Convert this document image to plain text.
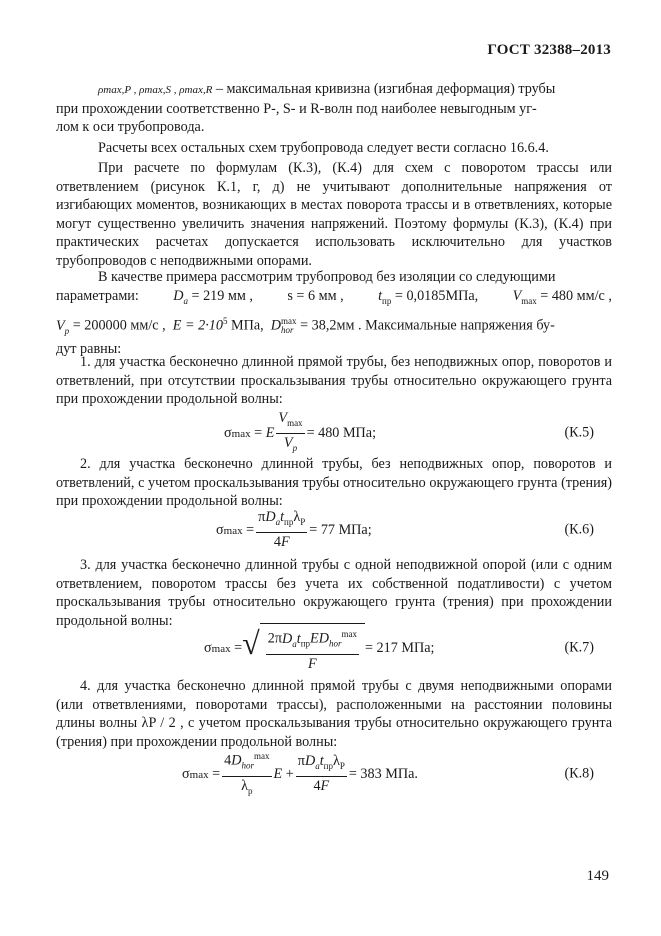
ГОСТ 32388–2013

ρmax,P , ρmax,S , ρmax,R – максимальная кривизна (изгибная деформация) трубы

при прохождении соответственно Р-, S- и R-волн под наиболее невыгодным уг-

лом к оси трубопровода.

Расчеты всех остальных схем трубопровода следует вести согласно 16.6.4.
При расчете по формулам (К.3), (К.4) для схем с поворотом трассы или ответвлением (рисунок К.1, г, д) не учитывают дополнительные напряжения от изгибающих моментов, возникающих в местах поворота трассы и в ответвлениях, которые могут существенно увеличить значения напряжений. Поэтому формулы (К.3), (К.4) при практических расчетах допускается использовать исключительно для участков трубопроводов с неподвижными опорами.

В качестве примера рассмотрим трубопровод без изоляции со следующими

параметрами: $D_a = 219$ мм , s = 6 мм , $t_{пр} = 0,0185МПа$, $V_{max} = 480$ мм/с ,

$V_p = 200000$ мм/с , $E = 2\cdot 10^5$ МПа, D max
hor = 38,2мм . Максимальные напряжения бу-

дут равны:

1. для участка бесконечно длинной прямой трубы, без неподвижных опор, поворотов и ответвлений, при отсутствии проскальзывания трубы относительно окружающего грунта при прохождении продольной волны:
σmax = E $\frac{V_{max}}{V_p} = 480$ МПа;	(К.5)
2. для участка бесконечно длинной трубы, без неподвижных опор, поворотов и ответвлений, с учетом проскальзывания трубы относительно окружающего грунта (трения) при прохождении продольной волны:
$\sigma\max = \frac{\pi D_at_{пр}\lambda_P}{4F} = 77$ МПа;	(К.6)
3. для участка бесконечно длинной трубы с одной неподвижной опорой (или с одним ответвлением, поворотом трассы без учета их собственной податливости) с учетом проскальзывания трубы относительно окружающего грунта (трения) при прохождении продольной волны:
σmax = √ $\frac{2\pi D_at_{пр}ED_{hor}^{max}}{F} = 217$ МПа;	(К.7)
4. для участка бесконечно длинной прямой трубы с двумя неподвижными опорами (или ответвлениями, поворотами трассы), расположенными на расстоянии половины длины волны λP / 2 , с учетом проскальзывания трубы относительно окружающего грунта (трения) при прохождении продольной волны:
$\sigma\max = \frac{4D_{hor}^{max}}{\lambda_p}$ $E + \frac{\pi D_at_{пр}\lambda_P}{4F} = 383$ МПа.	(К.8)
149
